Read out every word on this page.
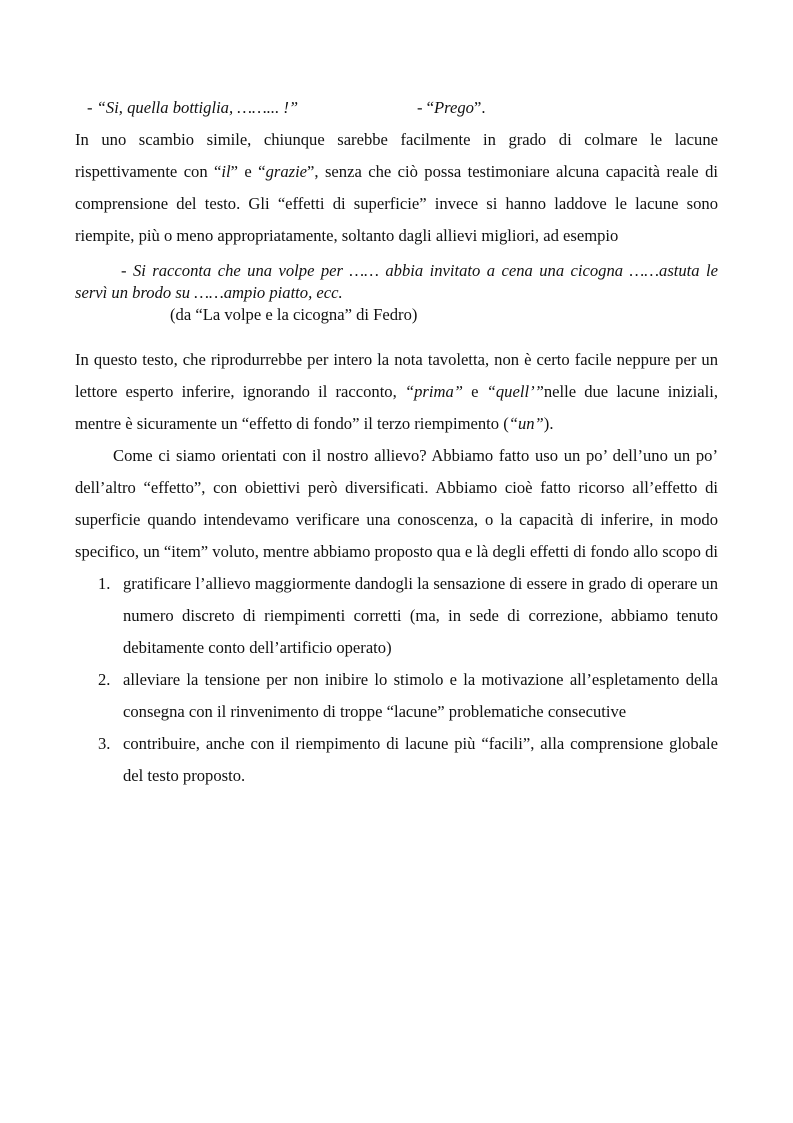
- “Si, quella bottiglia, ……... !”	- “Prego”.

In uno scambio simile, chiunque sarebbe facilmente in grado di colmare le lacune rispettivamente con “il” e “grazie”, senza che ciò possa testimoniare alcuna capacità reale di comprensione del testo. Gli “effetti di superficie” invece si hanno laddove le lacune sono riempite, più o meno appropriatamente, soltanto dagli allievi migliori, ad esempio

- Si racconta che una volpe per …… abbia invitato a cena una cicogna ……astuta le servì un brodo su ……ampio piatto, ecc.

(da “La volpe e la cicogna” di Fedro)

In questo testo, che riprodurrebbe per intero la nota tavoletta, non è certo facile neppure per un lettore esperto inferire, ignorando il racconto, “prima” e “quell’”nelle due lacune iniziali, mentre è sicuramente un “effetto di fondo” il terzo riempimento (“un”).

Come ci siamo orientati con il nostro allievo? Abbiamo fatto uso un po’ dell’uno un po’ dell’altro “effetto”, con obiettivi però diversificati. Abbiamo cioè fatto ricorso all’effetto di superficie quando intendevamo verificare una conoscenza, o la capacità di inferire, in modo specifico, un “item” voluto, mentre abbiamo proposto qua e là degli effetti di fondo allo scopo di

1. gratificare l’allievo maggiormente dandogli la sensazione di essere in grado di operare un numero discreto di riempimenti corretti (ma, in sede di correzione, abbiamo tenuto debitamente conto dell’artificio operato)
2. alleviare la tensione per non inibire lo stimolo e la motivazione all’espletamento della consegna con il rinvenimento di troppe “lacune” problematiche consecutive
3. contribuire, anche con il riempimento di lacune più “facili”, alla comprensione globale del testo proposto.
